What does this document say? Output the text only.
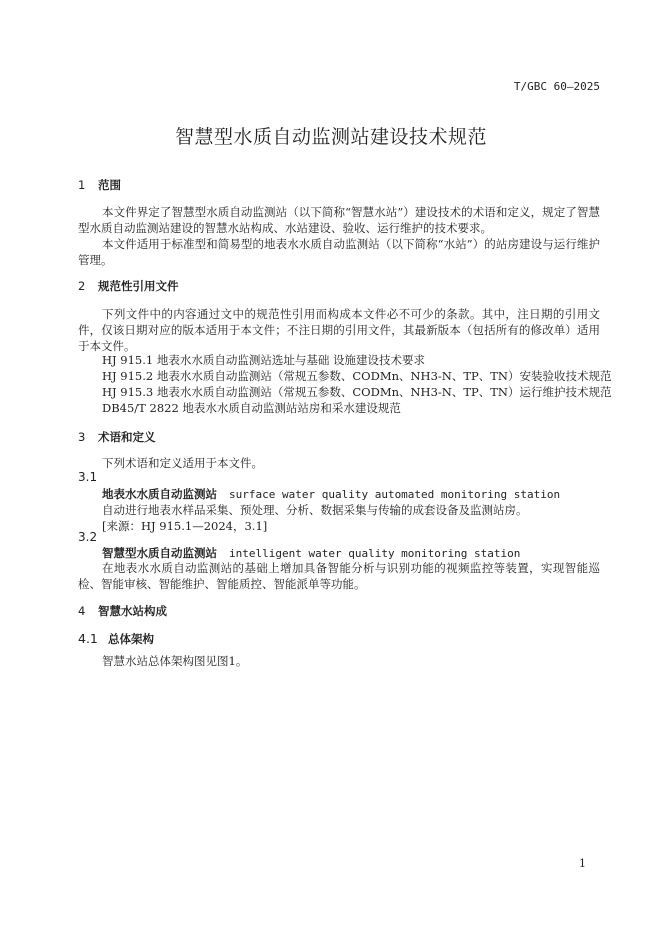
T/GBC 60—2025
智慧型水质自动监测站建设技术规范
1 范围
本文件界定了智慧型水质自动监测站（以下简称“智慧水站”）建设技术的术语和定义，规定了智慧型水质自动监测站建设的智慧水站构成、水站建设、验收、运行维护的技术要求。
本文件适用于标准型和简易型的地表水水质自动监测站（以下简称“水站”）的站房建设与运行维护管理。
2 规范性引用文件
下列文件中的内容通过文中的规范性引用而构成本文件必不可少的条款。其中，注日期的引用文件，仅该日期对应的版本适用于本文件；不注日期的引用文件，其最新版本（包括所有的修改单）适用于本文件。
HJ 915.1 地表水水质自动监测站选址与基础 设施建设技术要求
HJ 915.2 地表水水质自动监测站（常规五参数、CODMn、NH3-N、TP、TN）安装验收技术规范
HJ 915.3 地表水水质自动监测站（常规五参数、CODMn、NH3-N、TP、TN）运行维护技术规范
DB45/T 2822 地表水水质自动监测站站房和采水建设规范
3 术语和定义
下列术语和定义适用于本文件。
3.1
地表水水质自动监测站 surface water quality automated monitoring station
自动进行地表水样品采集、预处理、分析、数据采集与传输的成套设备及监测站房。
[来源：HJ 915.1—2024，3.1]
3.2
智慧型水质自动监测站 intelligent water quality monitoring station
在地表水水质自动监测站的基础上增加具备智能分析与识别功能的视频监控等装置，实现智能巡检、智能审核、智能维护、智能质控、智能派单等功能。
4 智慧水站构成
4.1 总体架构
智慧水站总体架构图见图1。
1
